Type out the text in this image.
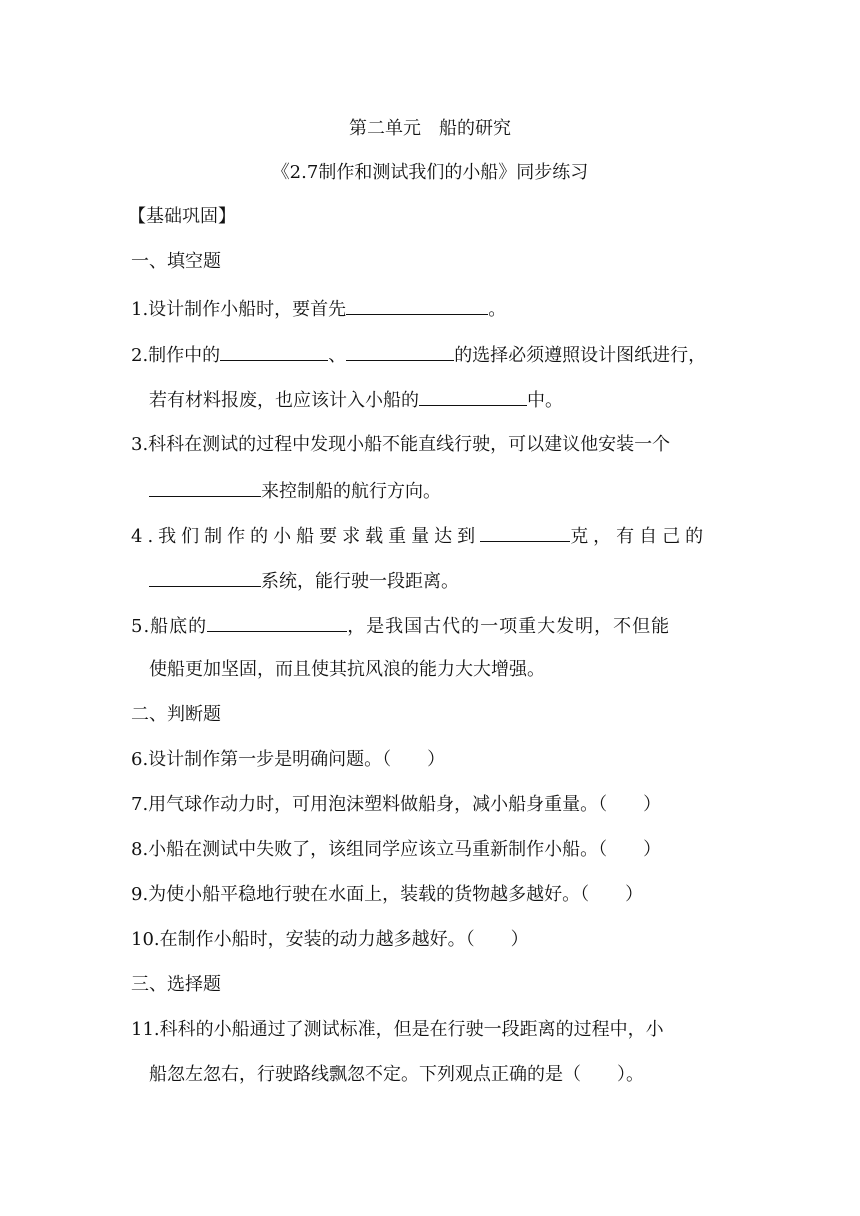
第二单元　船的研究
《2.7制作和测试我们的小船》同步练习
【基础巩固】
一、填空题
1.设计制作小船时，要首先	。
2.制作中的	、	的选择必须遵照设计图纸进行，
若有材料报废，也应该计入小船的	中。
3.科科在测试的过程中发现小船不能直线行驶，可以建议他安装一个
来控制船的航行方向。
4.我们制作的小船要求载重量达到	克，有自己的
系统，能行驶一段距离。
5.船底的	，是我国古代的一项重大发明，不但能
使船更加坚固，而且使其抗风浪的能力大大增强。
二、判断题
6.设计制作第一步是明确问题。（　　）
7.用气球作动力时，可用泡沫塑料做船身，减小船身重量。（　　）
8.小船在测试中失败了，该组同学应该立马重新制作小船。（　　）
9.为使小船平稳地行驶在水面上，装载的货物越多越好。（　　）
10.在制作小船时，安装的动力越多越好。（　　）
三、选择题
11.科科的小船通过了测试标准，但是在行驶一段距离的过程中，小
船忽左忽右，行驶路线飘忽不定。下列观点正确的是（　　）。
